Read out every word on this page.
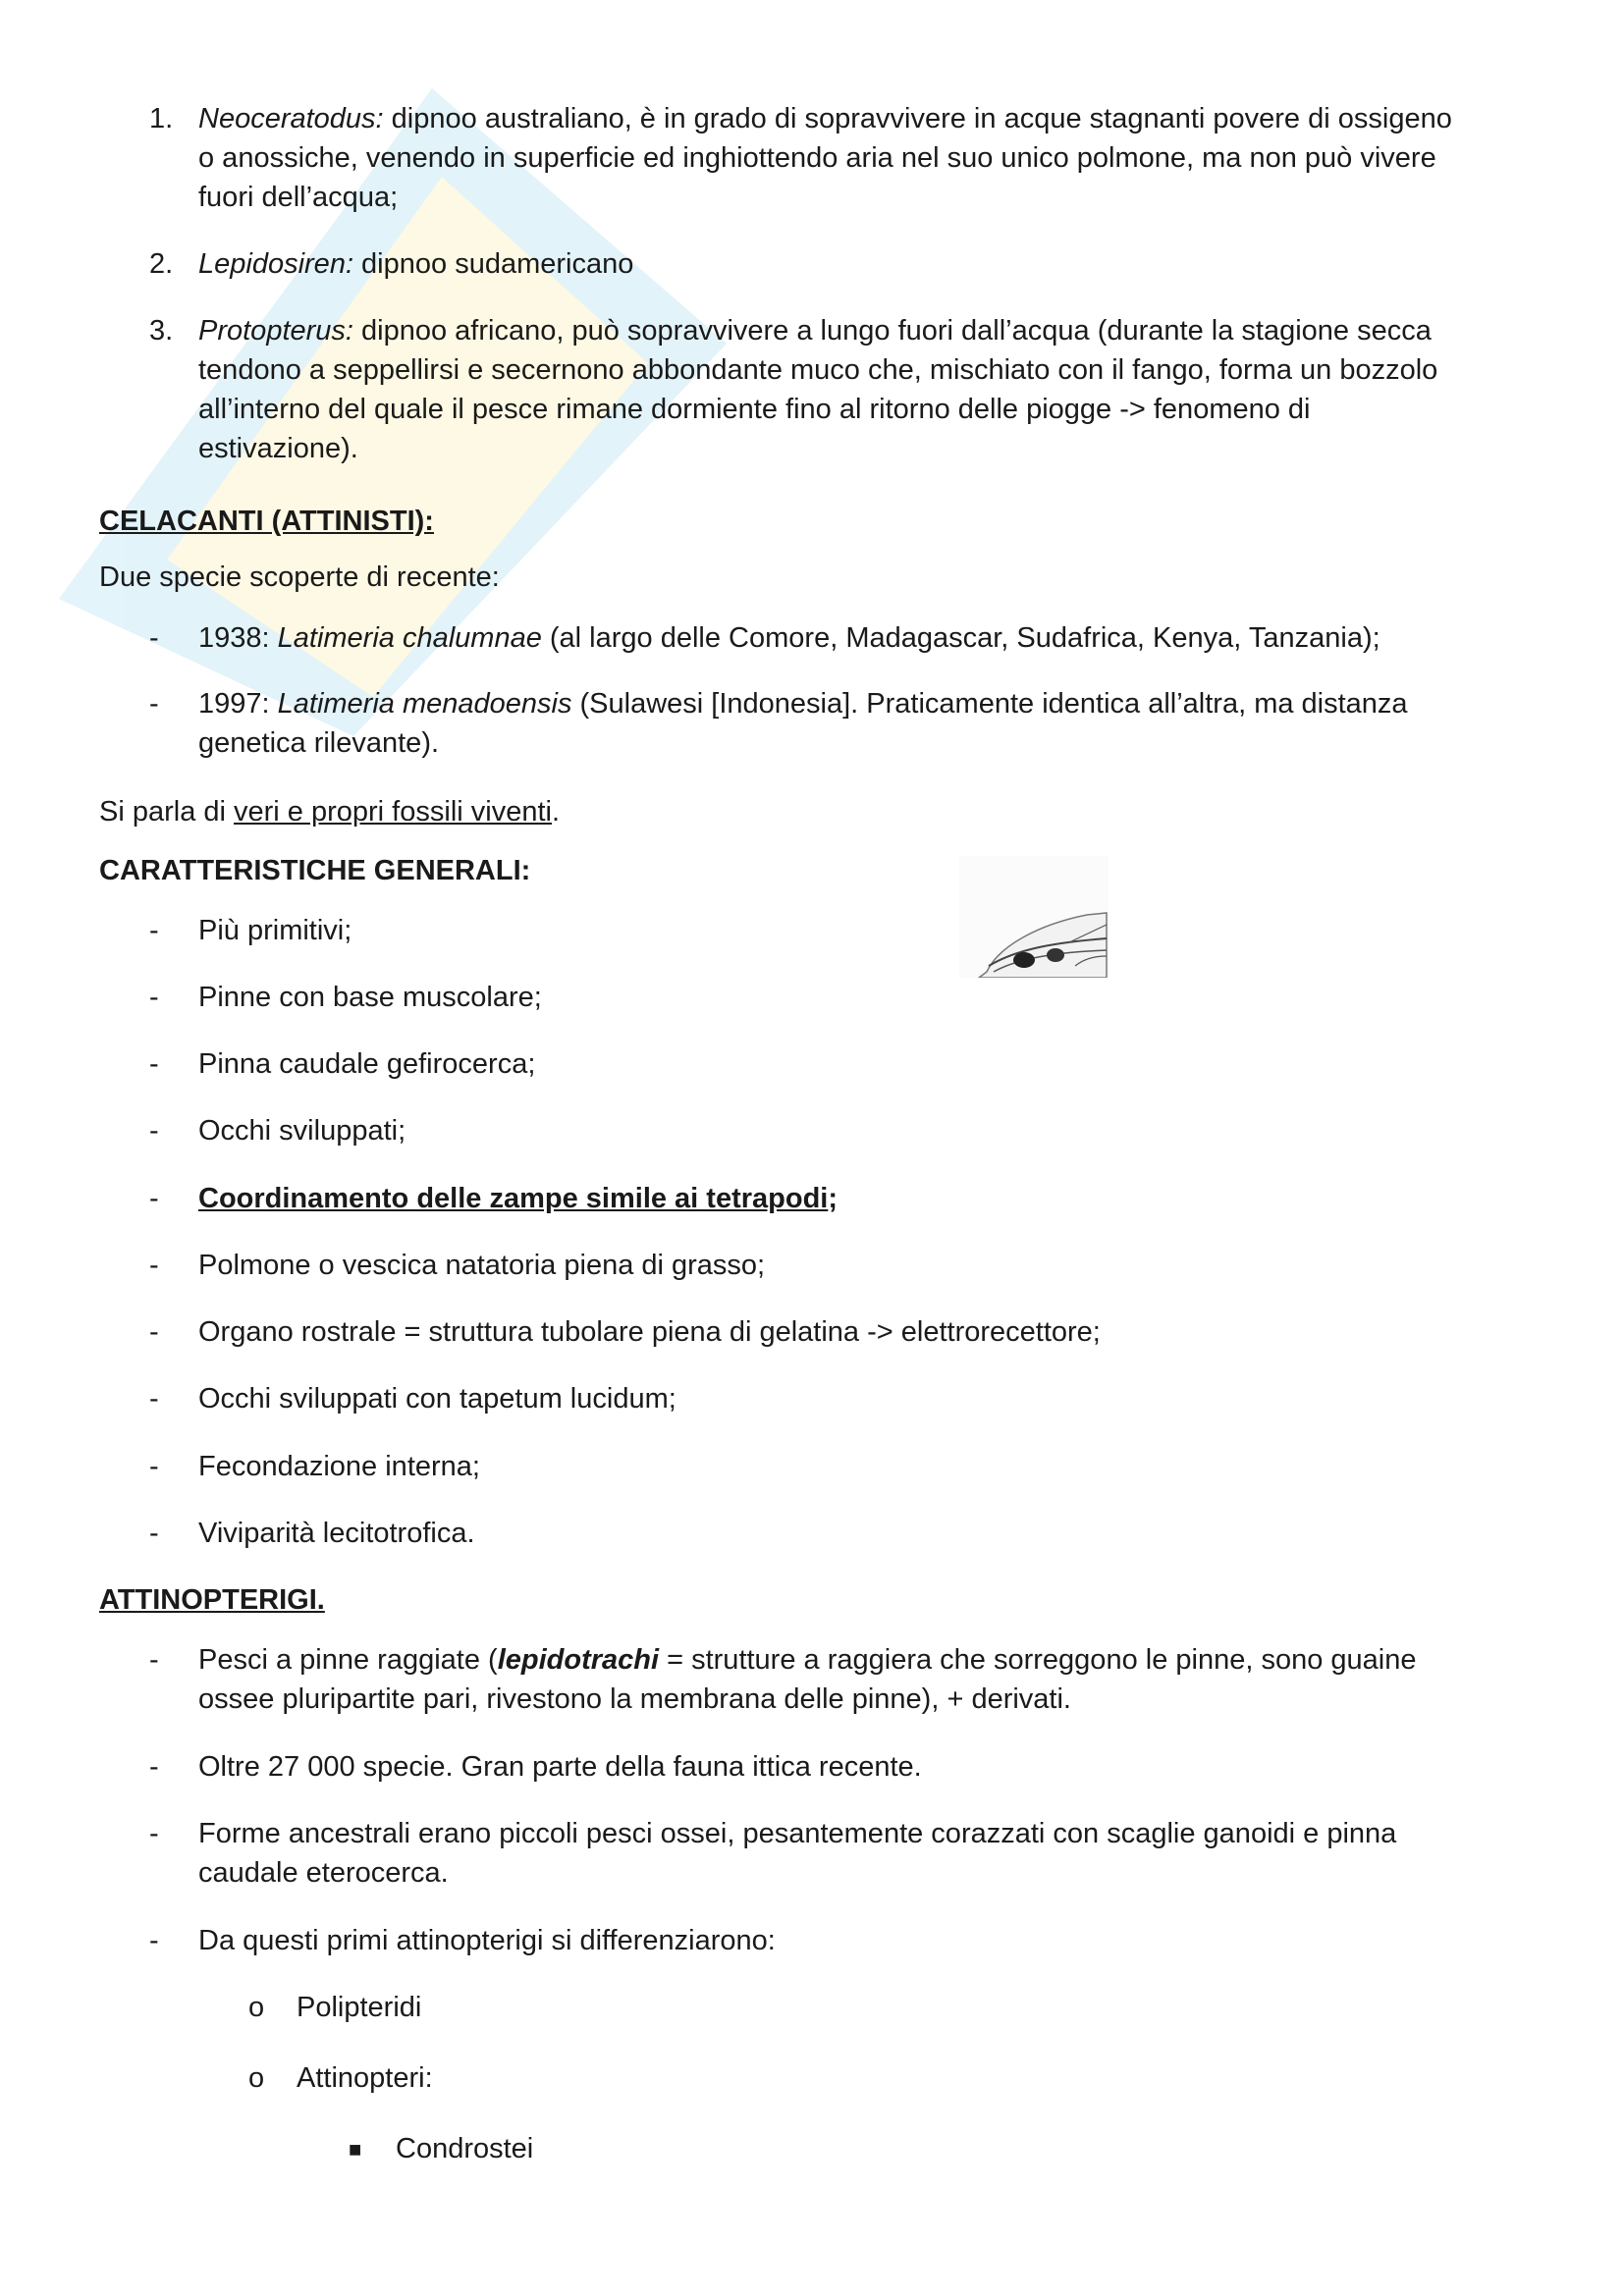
1. Neoceratodus: dipnoo australiano, è in grado di sopravvivere in acque stagnanti povere di ossigeno
o anossiche, venendo in superficie ed inghiottendo aria nel suo unico polmone, ma non può vivere
fuori dell’acqua;
2. Lepidosiren: dipnoo sudamericano
3. Protopterus: dipnoo africano, può sopravvivere a lungo fuori dall’acqua (durante la stagione secca
tendono a seppellirsi e secernono abbondante muco che, mischiato con il fango, forma un bozzolo
all’interno del quale il pesce rimane dormiente fino al ritorno delle piogge -> fenomeno di
estivazione).
CELACANTI (ATTINISTI):
Due specie scoperte di recente:
- 1938: Latimeria chalumnae (al largo delle Comore, Madagascar, Sudafrica, Kenya, Tanzania);
- 1997: Latimeria menadoensis (Sulawesi [Indonesia]. Praticamente identica all’altra, ma distanza
genetica rilevante).
Si parla di veri e propri fossili viventi.
CARATTERISTICHE GENERALI:
- Più primitivi;
- Pinne con base muscolare;
- Pinna caudale gefirocerca;
- Occhi sviluppati;
- Coordinamento delle zampe simile ai tetrapodi;
- Polmone o vescica natatoria piena di grasso;
- Organo rostrale = struttura tubolare piena di gelatina -> elettrorecettore;
- Occhi sviluppati con tapetum lucidum;
- Fecondazione interna;
- Viviparità lecitotrofica.
ATTINOPTERIGI.
- Pesci a pinne raggiate (lepidotrachi = strutture a raggiera che sorreggono le pinne, sono guaine
ossee pluripartite pari, rivestono la membrana delle pinne), + derivati.
- Oltre 27 000 specie. Gran parte della fauna ittica recente.
- Forme ancestrali erano piccoli pesci ossei, pesantemente corazzati con scaglie ganoidi e pinna
caudale eterocerca.
- Da questi primi attinopterigi si differenziarono:
o Polipteridi
o Attinopteri:
■ Condrostei
